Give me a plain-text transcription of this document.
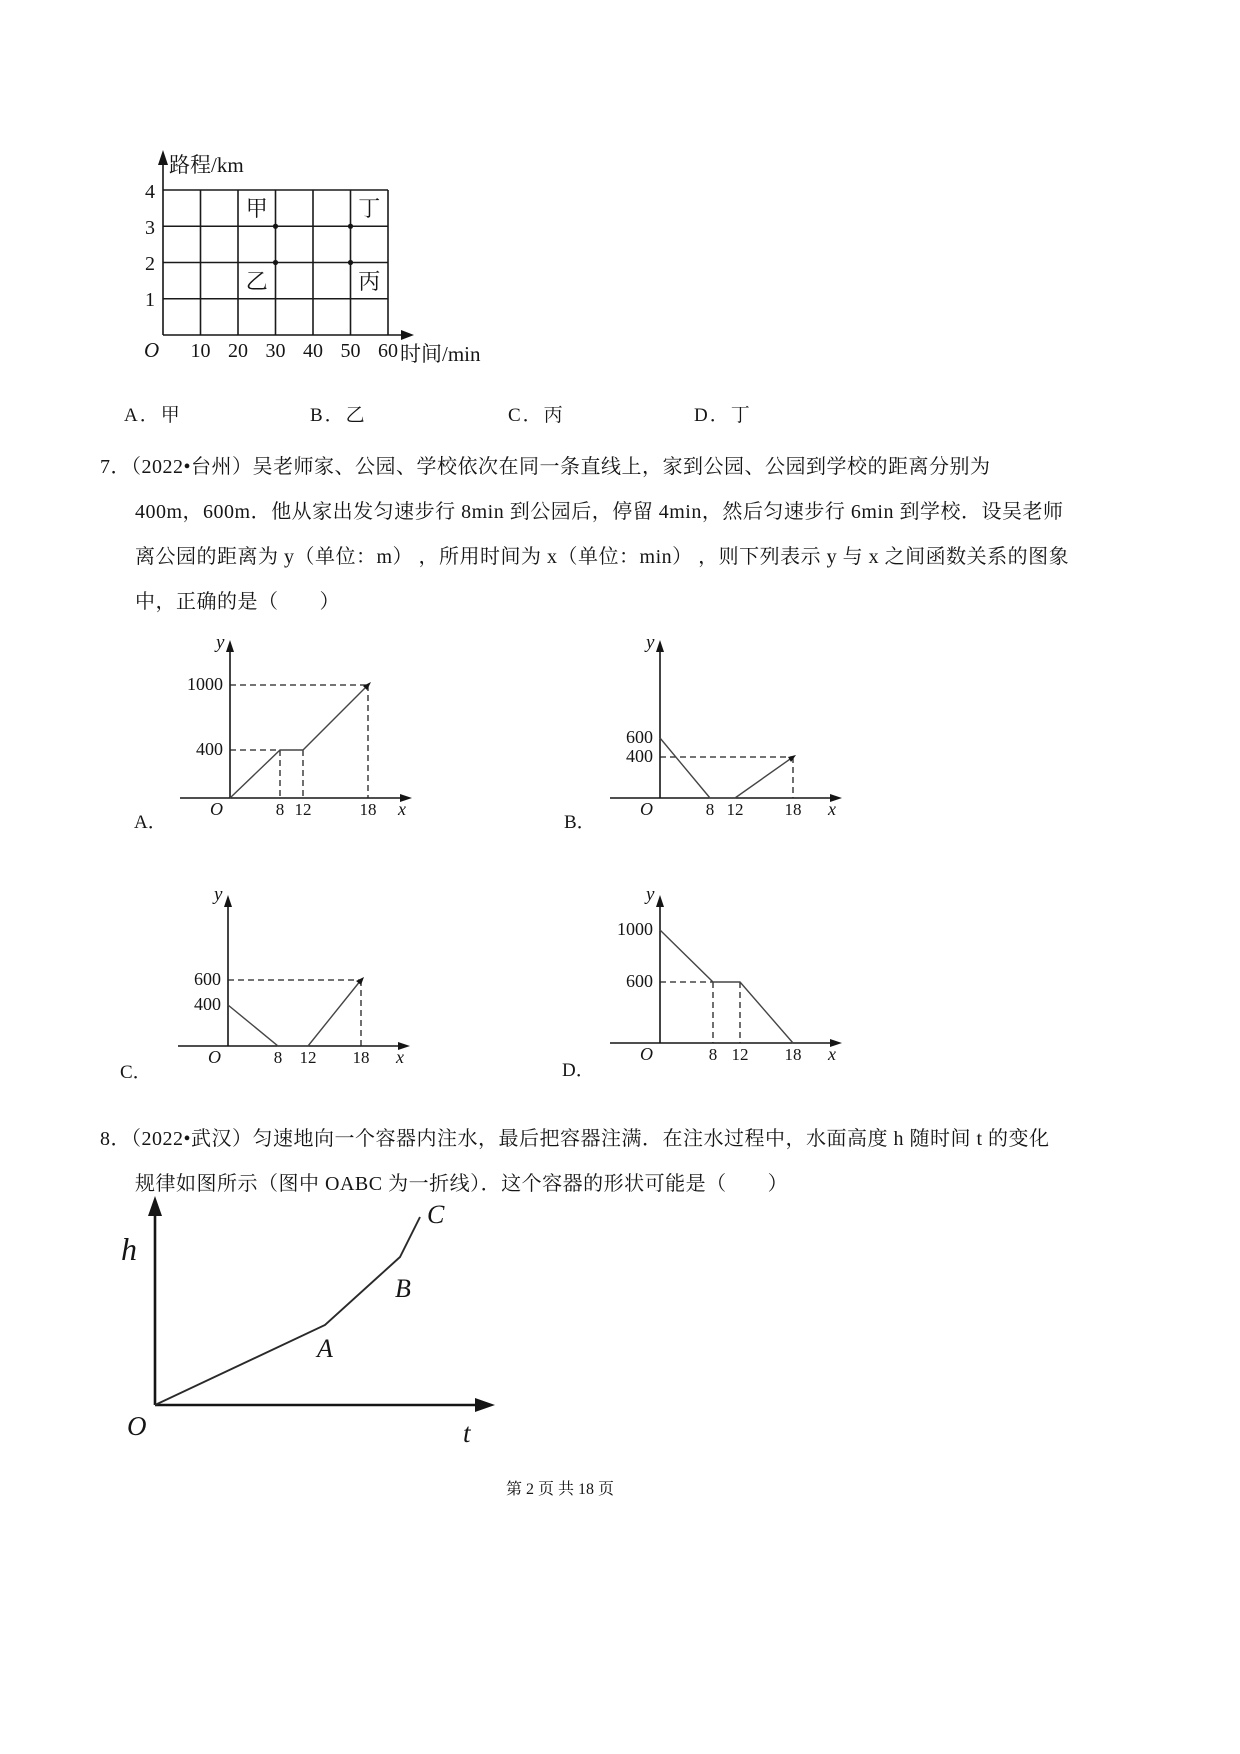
路程/km
时间/min
O
4
3
2
1
10 20 30 40 50 60
甲	丁
乙	丙
A．甲	B．乙	C．丙	D．丁
7．（2022•台州）吴老师家、公园、学校依次在同一条直线上，家到公园、公园到学校的距离分别为
400m，600m．他从家出发匀速步行 8min 到公园后，停留 4min，然后匀速步行 6min 到学校．设吴老师
离公园的距离为 y（单位：m） ，所用时间为 x（单位：min） ，则下列表示 y 与 x 之间函数关系的图象
中，正确的是（　　）
y
x
O
1000
400
8 12	18
A．
y
x
O
600
400
8 12 18
B．
y
x
O
600
400
8 12 18
C．
y
x
O
1000
600
8 12 18
D．
8．（2022•武汉）匀速地向一个容器内注水，最后把容器注满．在注水过程中，水面高度 h 随时间 t 的变化
规律如图所示（图中 OABC 为一折线）．这个容器的形状可能是（　　）
h
t
O
A
B
C
第 2 页 共 18 页
